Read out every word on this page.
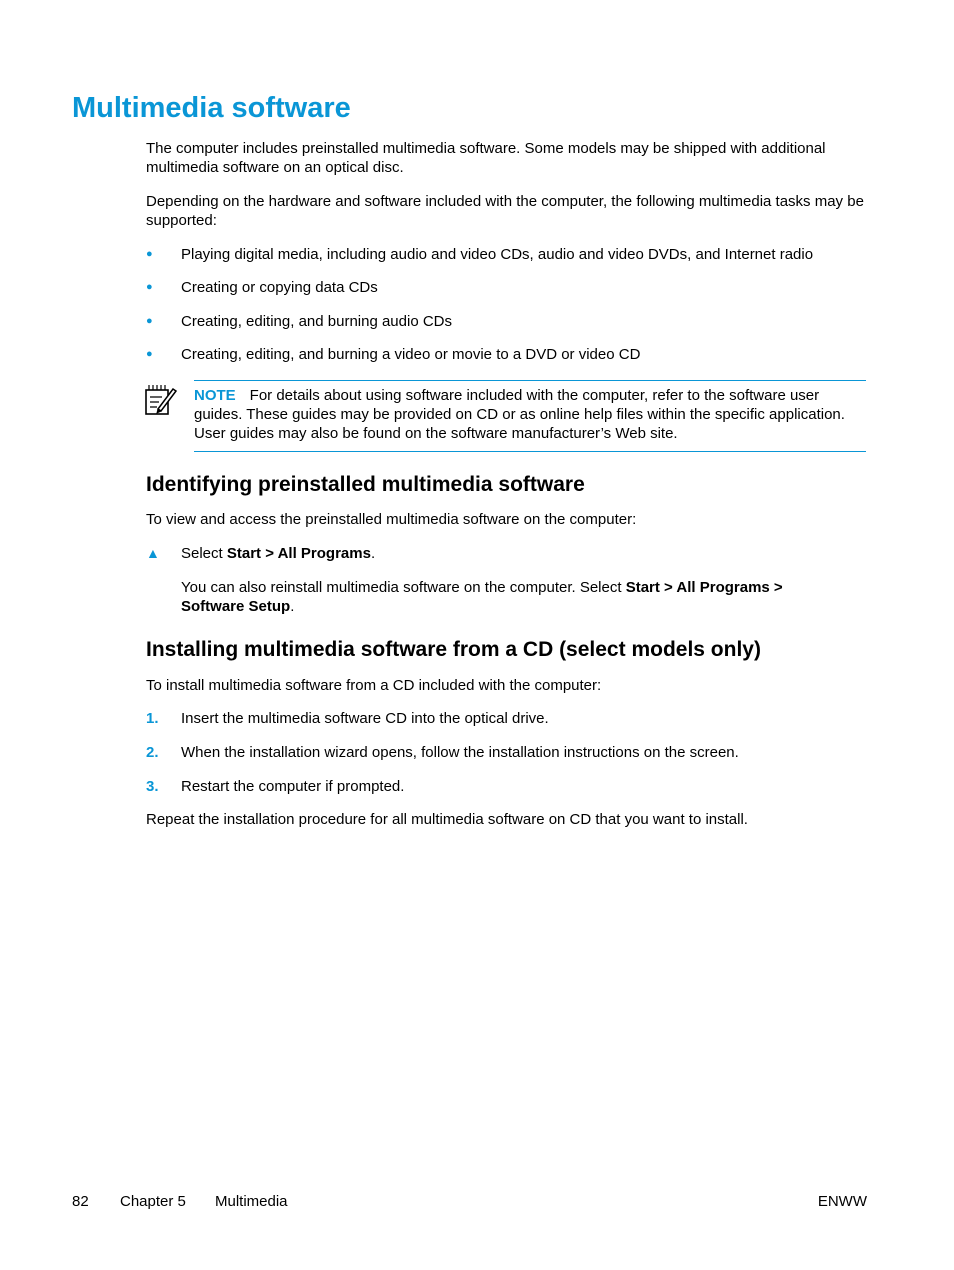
Multimedia software

The computer includes preinstalled multimedia software. Some models may be shipped with additional multimedia software on an optical disc.

Depending on the hardware and software included with the computer, the following multimedia tasks may be supported:

●	Playing digital media, including audio and video CDs, audio and video DVDs, and Internet radio
●	Creating or copying data CDs
●	Creating, editing, and burning audio CDs
●	Creating, editing, and burning a video or movie to a DVD or video CD
NOTE For details about using software included with the computer, refer to the software user guides. These guides may be provided on CD or as online help files within the specific application. User guides may also be found on the software manufacturer’s Web site.
Identifying preinstalled multimedia software

To view and access the preinstalled multimedia software on the computer:

▲ Select Start > All Programs.

You can also reinstall multimedia software on the computer. Select Start > All Programs > Software Setup.

Installing multimedia software from a CD (select models only)

To install multimedia software from a CD included with the computer:

1. Insert the multimedia software CD into the optical drive.
2. When the installation wizard opens, follow the installation instructions on the screen.
3. Restart the computer if prompted.

Repeat the installation procedure for all multimedia software on CD that you want to install.

82 Chapter 5 Multimedia	ENWW
